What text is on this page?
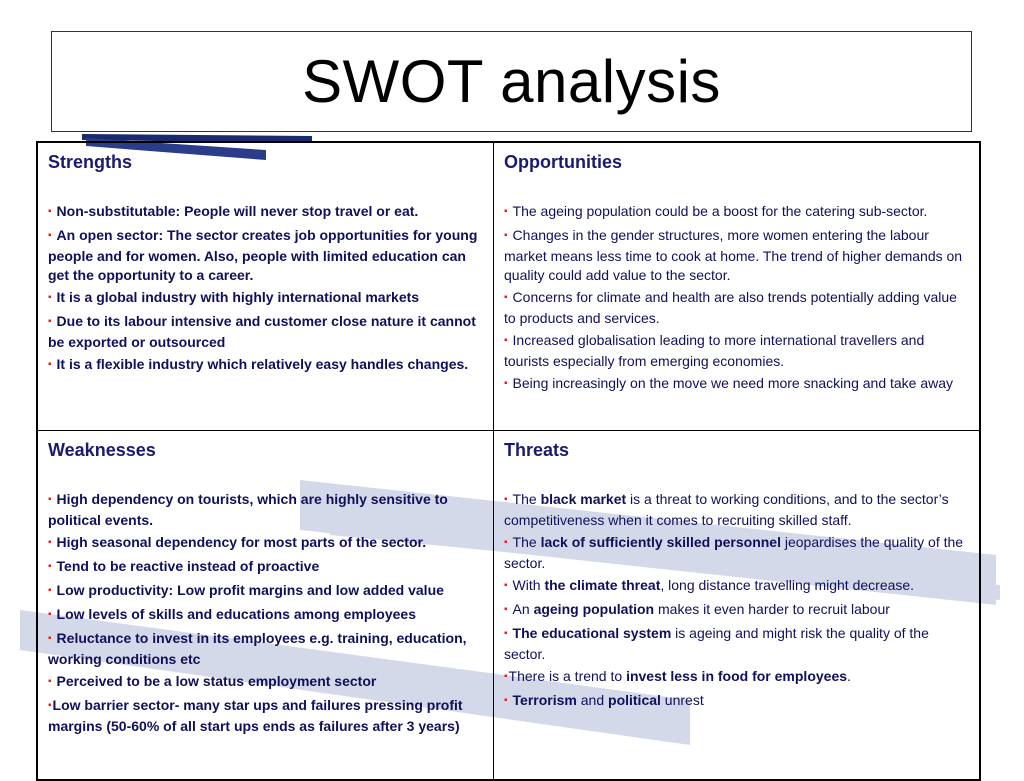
SWOT analysis
Strengths
▪ Non-substitutable: People will never stop travel or eat.
▪ An open sector: The sector creates job opportunities for young people and for women. Also, people with limited education can get the opportunity to a career.
▪ It is a global industry with highly international markets
▪ Due to its labour intensive and customer close nature it cannot be exported or outsourced
▪ It is a flexible industry which relatively easy handles changes.
Opportunities
▪ The ageing population could be a boost for the catering sub-sector.
▪ Changes in the gender structures, more women entering the labour market means less time to cook at home. The trend of higher demands on quality could add value to the sector.
▪ Concerns for climate and health are also trends potentially adding value to products and services.
▪ Increased globalisation leading to more international travellers and tourists especially from emerging economies.
▪ Being increasingly on the move we need more snacking and take away
Weaknesses
▪ High dependency on tourists, which are highly sensitive to political events.
▪ High seasonal dependency for most parts of the sector.
▪ Tend to be reactive instead of proactive
▪ Low productivity: Low profit margins and low added value
▪ Low levels of skills and educations among employees
▪ Reluctance to invest in its employees e.g. training, education, working conditions etc
▪ Perceived to be a low status employment sector
▪Low barrier sector- many star ups and failures pressing profit margins (50-60% of all start ups ends as failures after 3 years)
Threats
▪ The black market is a threat to working conditions, and to the sector’s competitiveness when it comes to recruiting skilled staff.
▪ The lack of sufficiently skilled personnel jeopardises the quality of the sector.
▪ With the climate threat, long distance travelling might decrease.
▪ An ageing population makes it even harder to recruit labour
▪ The educational system is ageing and might risk the quality of the sector.
▪There is a trend to invest less in food for employees.
▪ Terrorism and political unrest
